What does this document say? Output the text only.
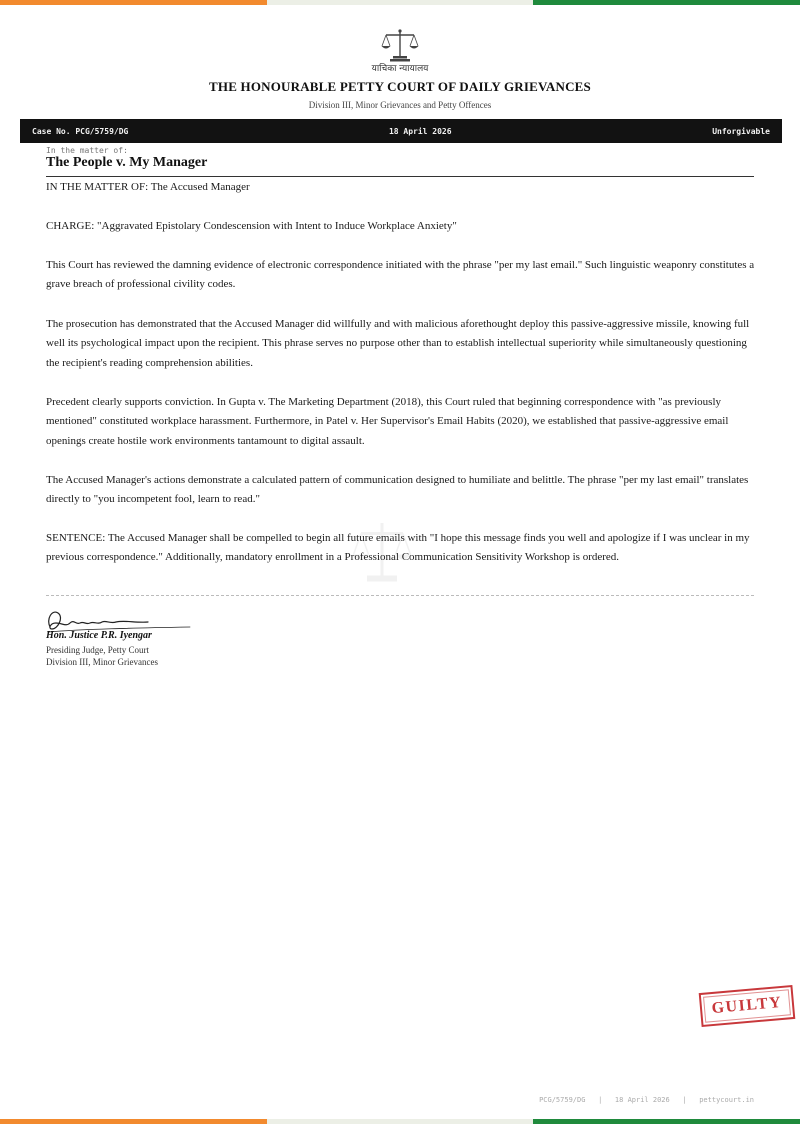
याचिका न्यायालय
THE HONOURABLE PETTY COURT OF DAILY GRIEVANCES
Division III, Minor Grievances and Petty Offences
Case No. PCG/5759/DG	18 April 2026	Unforgivable
In the matter of:
The People v. My Manager
IN THE MATTER OF: The Accused Manager
CHARGE: "Aggravated Epistolary Condescension with Intent to Induce Workplace Anxiety"
This Court has reviewed the damning evidence of electronic correspondence initiated with the phrase "per my last email." Such linguistic weaponry constitutes a grave breach of professional civility codes.
The prosecution has demonstrated that the Accused Manager did willfully and with malicious aforethought deploy this passive-aggressive missile, knowing full well its psychological impact upon the recipient. This phrase serves no purpose other than to establish intellectual superiority while simultaneously questioning the recipient's reading comprehension abilities.
Precedent clearly supports conviction. In Gupta v. The Marketing Department (2018), this Court ruled that beginning correspondence with "as previously mentioned" constituted workplace harassment. Furthermore, in Patel v. Her Supervisor's Email Habits (2020), we established that passive-aggressive email openings create hostile work environments tantamount to digital assault.
The Accused Manager's actions demonstrate a calculated pattern of communication designed to humiliate and belittle. The phrase "per my last email" translates directly to "you incompetent fool, learn to read."
SENTENCE: The Accused Manager shall be compelled to begin all future emails with "I hope this message finds you well and apologize if I was unclear in my previous correspondence." Additionally, mandatory enrollment in a Professional Communication Sensitivity Workshop is ordered.
Hon. Justice P.R. Iyengar
Presiding Judge, Petty Court
Division III, Minor Grievances
GUILTY
PCG/5759/DG   |   18 April 2026   |   pettycourt.in
